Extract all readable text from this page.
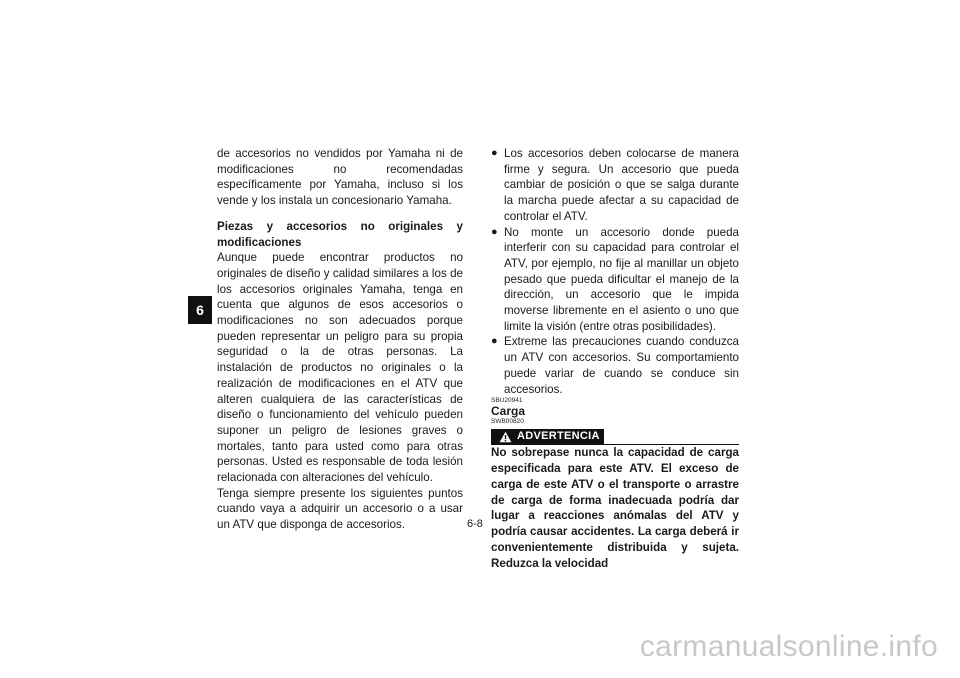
6

de accesorios no vendidos por Yamaha ni de modificaciones no recomendadas específicamente por Yamaha, incluso si los vende y los instala un concesionario Yamaha.

Piezas y accesorios no originales y modificaciones

Aunque puede encontrar productos no originales de diseño y calidad similares a los de los accesorios originales Yamaha, tenga en cuenta que algunos de esos accesorios o modificaciones no son adecuados porque pueden representar un peligro para su propia seguridad o la de otras personas. La instalación de productos no originales o la realización de modificaciones en el ATV que alteren cualquiera de las características de diseño o funcionamiento del vehículo pueden suponer un peligro de lesiones graves o mortales, tanto para usted como para otras personas. Usted es responsable de toda lesión relacionada con alteraciones del vehículo.

Tenga siempre presente los siguientes puntos cuando vaya a adquirir un accesorio o a usar un ATV que disponga de accesorios.

● Los accesorios deben colocarse de manera firme y segura. Un accesorio que pueda cambiar de posición o que se salga durante la marcha puede afectar a su capacidad de controlar el ATV.
● No monte un accesorio donde pueda interferir con su capacidad para controlar el ATV, por ejemplo, no fije al manillar un objeto pesado que pueda dificultar el manejo de la dirección, un accesorio que le impida moverse libremente en el asiento o uno que limite la visión (entre otras posibilidades).
● Extreme las precauciones cuando conduzca un ATV con accesorios. Su comportamiento puede variar de cuando se conduce sin accesorios.

SBU20941

Carga

SWB00820

ADVERTENCIA

No sobrepase nunca la capacidad de carga especificada para este ATV. El exceso de carga de este ATV o el transporte o arrastre de carga de forma inadecuada podría dar lugar a reacciones anómalas del ATV y podría causar accidentes. La carga deberá ir convenientemente distribuida y sujeta. Reduzca la velocidad

6-8
carmanualsonline.info
